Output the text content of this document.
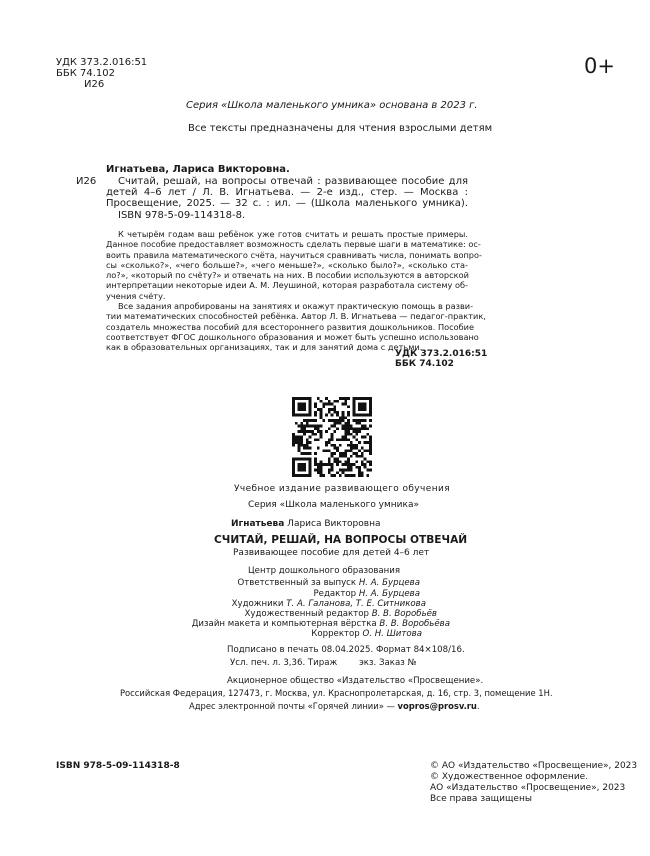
УДК 373.2.016:51
ББК 74.102
И26
0+
Серия «Школа маленького умника» основана в 2023 г.
Все тексты предназначены для чтения взрослыми детям
Игнатьева, Лариса Викторовна.
И26	Считай, решай, на вопросы отвечай : развивающее пособие для
детей 4–6 лет / Л. В. Игнатьева. — 2-е изд., стер. — Москва :
Просвещение, 2025. — 32 с. : ил. — (Школа маленького умника).
ISBN 978-5-09-114318-8.
К четырём годам ваш ребёнок уже готов считать и решать простые примеры.
Данное пособие предоставляет возможность сделать первые шаги в математике: ос-
воить правила математического счёта, научиться сравнивать числа, понимать вопро-
сы «сколько?», «чего больше?», «чего меньше?», «сколько было?», «сколько ста-
ло?», «который по счёту?» и отвечать на них. В пособии используются в авторской
интерпретации некоторые идеи А. М. Леушиной, которая разработала систему об-
учения счёту.
Все задания апробированы на занятиях и окажут практическую помощь в разви-
тии математических способностей ребёнка. Автор Л. В. Игнатьева — педагог-практик,
создатель множества пособий для всестороннего развития дошкольников. Пособие
соответствует ФГОС дошкольного образования и может быть успешно использовано
как в образовательных организациях, так и для занятий дома с детьми.
УДК 373.2.016:51
ББК 74.102
Учебное издание развивающего обучения
Серия «Школа маленького умника»
Игнатьева Лариса Викторовна
СЧИТАЙ, РЕШАЙ, НА ВОПРОСЫ ОТВЕЧАЙ
Развивающее пособие для детей 4–6 лет
Центр дошкольного образования
Ответственный за выпуск Н. А. Бурцева
Редактор Н. А. Бурцева
Художники Т. А. Галанова, Т. Е. Ситникова
Художественный редактор В. В. Воробьёв
Дизайн макета и компьютерная вёрстка В. В. Воробьёва
Корректор О. Н. Шитова
Подписано в печать 08.04.2025. Формат 84×108/16.
Усл. печ. л. 3,36. Тираж        экз. Заказ №
Акционерное общество «Издательство «Просвещение».
Российская Федерация, 127473, г. Москва, ул. Краснопролетарская, д. 16, стр. 3, помещение 1Н.
Адрес электронной почты «Горячей линии» — vopros@prosv.ru.
ISBN 978-5-09-114318-8	© АО «Издательство «Просвещение», 2023
© Художественное оформление.
АО «Издательство «Просвещение», 2023
Все права защищены
